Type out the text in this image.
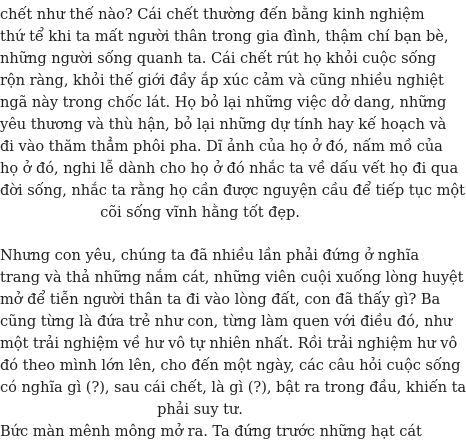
chết như thế nào? Cái chết thường đến bằng kinh nghiệm
thứ tể khi ta mất người thân trong gia đình, thậm chí bạn bè,
những người sống quanh ta. Cái chết rút họ khỏi cuộc sống
rộn ràng, khỏi thế giới đầy ắp xúc cảm và cũng nhiều nghiệt
ngã này trong chốc lát. Họ bỏ lại những việc dở dang, những
yêu thương và thù hận, bỏ lại những dự tính hay kế hoạch và
đi vào thăm thẳm phôi pha. Dĩ ảnh của họ ở đó, nấm mồ của
họ ở đó, nghi lễ dành cho họ ở đó nhắc ta về dấu vết họ đi qua
đời sống, nhắc ta rằng họ cần được nguyện cầu để tiếp tục một
cõi sống vĩnh hằng tốt đẹp.
Nhưng con yêu, chúng ta đã nhiều lần phải đứng ở nghĩa
trang và thả những nắm cát, những viên cuội xuống lòng huyệt
mở để tiễn người thân ta đi vào lòng đất, con đã thấy gì? Ba
cũng từng là đứa trẻ như con, từng làm quen với điều đó, như
một trải nghiệm về hư vô tự nhiên nhất. Rồi trải nghiệm hư vô
đó theo mình lớn lên, cho đến một ngày, các câu hỏi cuộc sống
có nghĩa gì (?), sau cái chết, là gì (?), bật ra trong đầu, khiến ta
phải suy tư.
Bức màn mênh mông mở ra. Ta đứng trước những hạt cát
